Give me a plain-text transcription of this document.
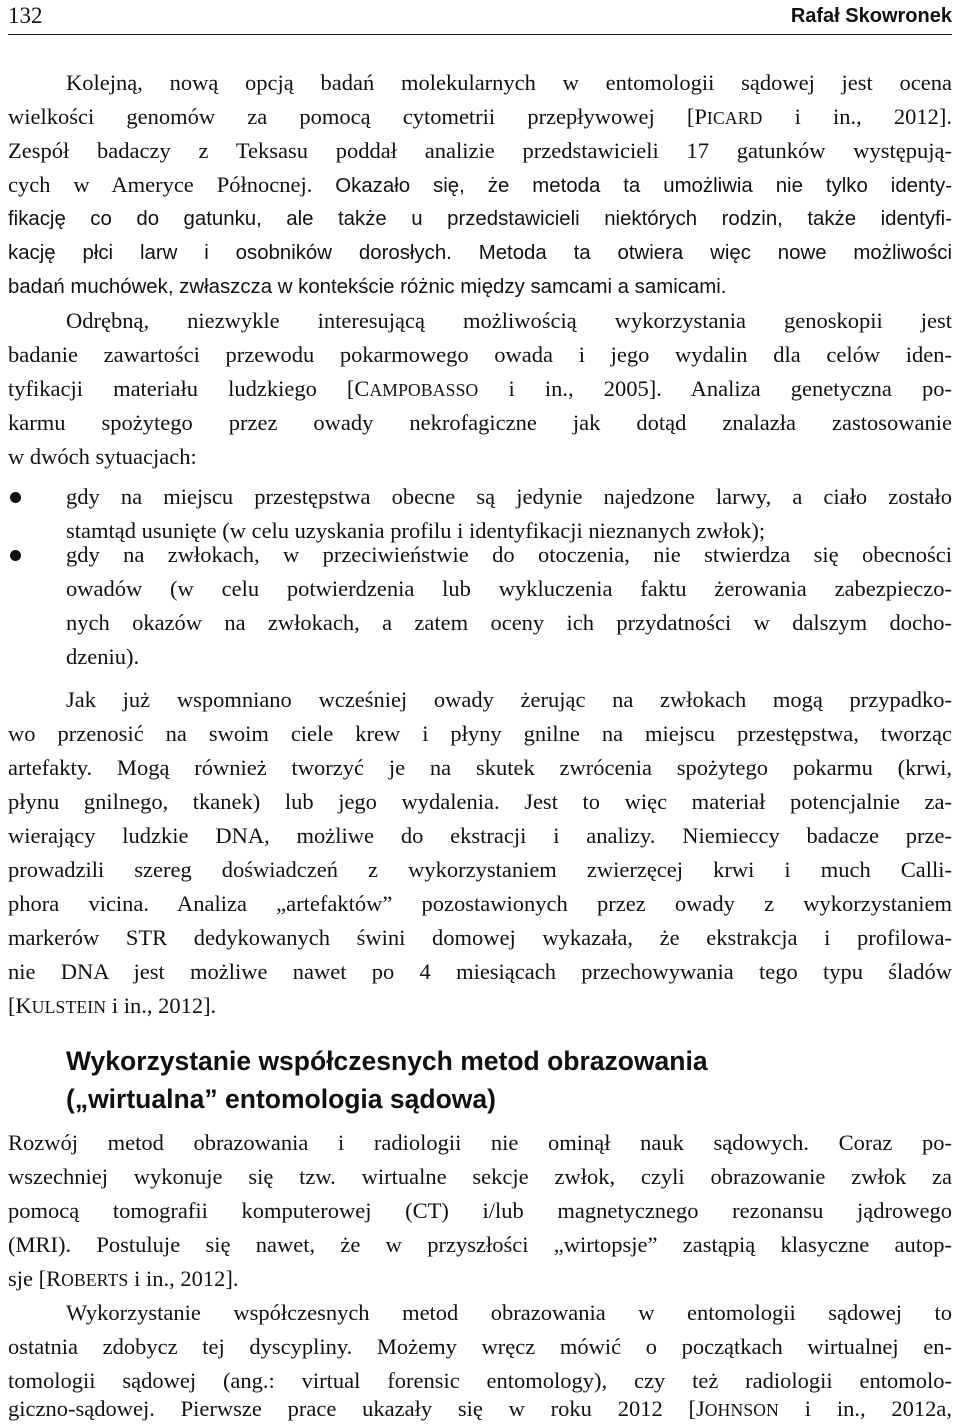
132	Rafał Skowronek
Kolejną, nową opcją badań molekularnych w entomologii sądowej jest ocena
wielkości genomów za pomocą cytometrii przepływowej [PICARD i in., 2012].
Zespół badaczy z Teksasu poddał analizie przedstawicieli 17 gatunków występują-
cych w Ameryce Północnej. Okazało się, że metoda ta umożliwia nie tylko identy-
fikację co do gatunku, ale także u przedstawicieli niektórych rodzin, także identyfi-
kację płci larw i osobników dorosłych. Metoda ta otwiera więc nowe możliwości
badań muchówek, zwłaszcza w kontekście różnic między samcami a samicami.
Odrębną, niezwykle interesującą możliwością wykorzystania genoskopii jest
badanie zawartości przewodu pokarmowego owada i jego wydalin dla celów iden-
tyfikacji materiału ludzkiego [CAMPOBASSO i in., 2005]. Analiza genetyczna po-
karmu spożytego przez owady nekrofagiczne jak dotąd znalazła zastosowanie
w dwóch sytuacjach:
gdy na miejscu przestępstwa obecne są jedynie najedzone larwy, a ciało zostało
stamtąd usunięte (w celu uzyskania profilu i identyfikacji nieznanych zwłok);
gdy na zwłokach, w przeciwieństwie do otoczenia, nie stwierdza się obecności
owadów (w celu potwierdzenia lub wykluczenia faktu żerowania zabezpieczo-
nych okazów na zwłokach, a zatem oceny ich przydatności w dalszym docho-
dzeniu).
Jak już wspomniano wcześniej owady żerując na zwłokach mogą przypadko-
wo przenosić na swoim ciele krew i płyny gnilne na miejscu przestępstwa, tworząc
artefakty. Mogą również tworzyć je na skutek zwrócenia spożytego pokarmu (krwi,
płynu gnilnego, tkanek) lub jego wydalenia. Jest to więc materiał potencjalnie za-
wierający ludzkie DNA, możliwe do ekstracji i analizy. Niemieccy badacze prze-
prowadzili szereg doświadczeń z wykorzystaniem zwierzęcej krwi i much Calli-
phora vicina. Analiza „artefaktów” pozostawionych przez owady z wykorzystaniem
markerów STR dedykowanych świni domowej wykazała, że ekstrakcja i profilowa-
nie DNA jest możliwe nawet po 4 miesiącach przechowywania tego typu śladów
[KULSTEIN i in., 2012].
Wykorzystanie współczesnych metod obrazowania
(„wirtualna” entomologia sądowa)
Rozwój metod obrazowania i radiologii nie ominął nauk sądowych. Coraz po-
wszechniej wykonuje się tzw. wirtualne sekcje zwłok, czyli obrazowanie zwłok za
pomocą tomografii komputerowej (CT) i/lub magnetycznego rezonansu jądrowego
(MRI). Postuluje się nawet, że w przyszłości „wirtopsje” zastąpią klasyczne autop-
sje [ROBERTS i in., 2012].
Wykorzystanie współczesnych metod obrazowania w entomologii sądowej to
ostatnia zdobycz tej dyscypliny. Możemy wręcz mówić o początkach wirtualnej en-
tomologii sądowej (ang.: virtual forensic entomology), czy też radiologii entomolo-
giczno-sądowej. Pierwsze prace ukazały się w roku 2012 [JOHNSON i in., 2012a,
